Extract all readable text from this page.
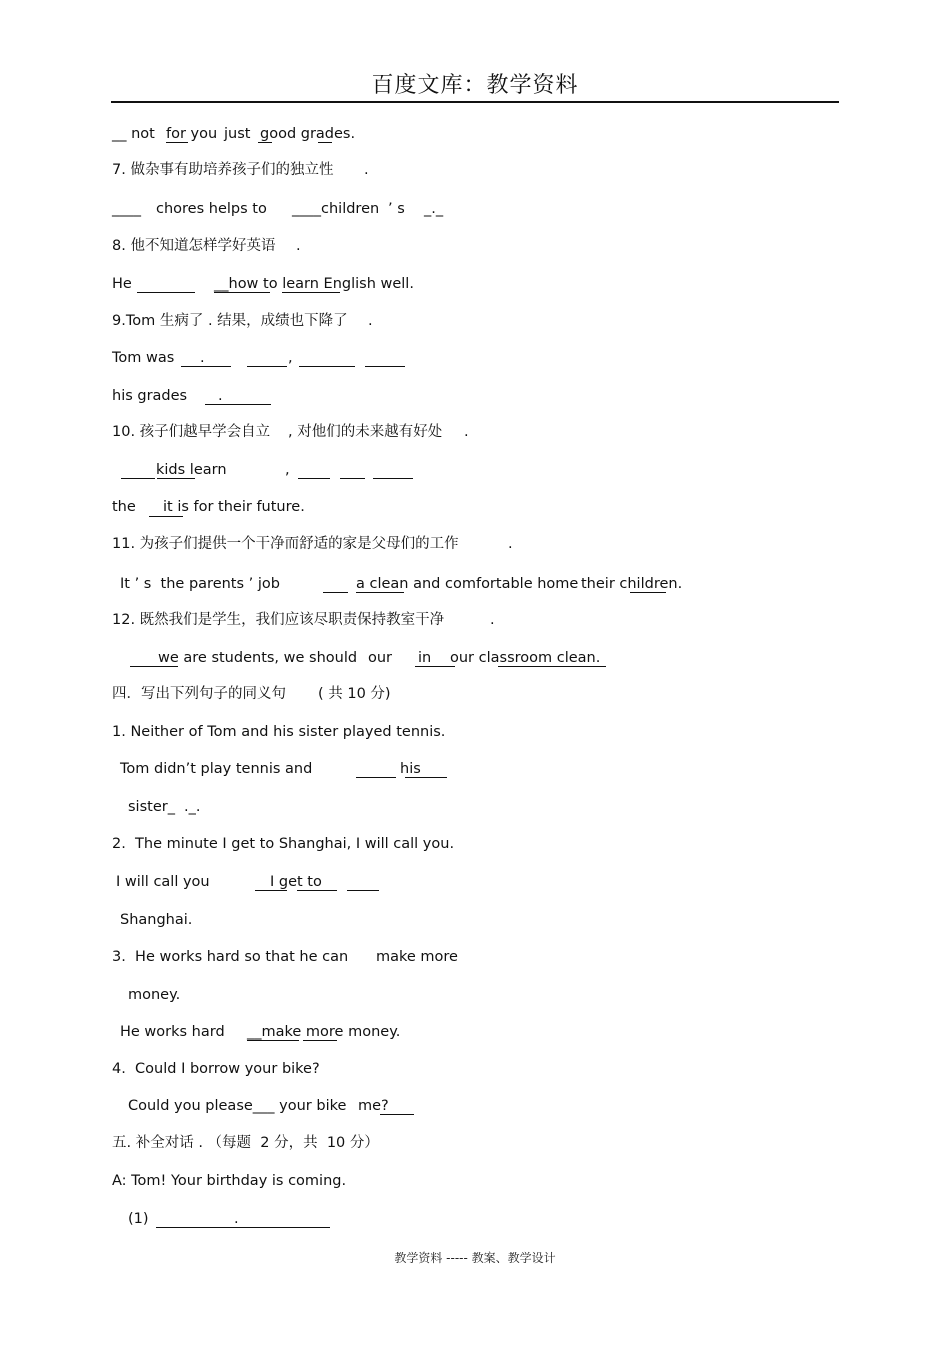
百度文库：教学资料
__ not for you just good grades.
7. 做杂事有助培养孩子们的独立性 .
____ chores helps to ____children ’ s _._
8. 他不知道怎样学好英语 .
He	__how to learn English well.
9.Tom 生病了 . 结果，成绩也下降了 .
Tom was .	,
his grades .
10. 孩子们越早学会自立 , 对他们的未来越有好处 .
kids learn	,
the it is for their future.
11. 为孩子们提供一个干净而舒适的家是父母们的工作	.
It ’ s  the parents ’ job	a clean and comfortable home their children.
12. 既然我们是学生，我们应该尽职责保持教室干净	.
we are students, we should our in our classroom clean.
四．写出下列句子的同义句 ( 共 10 分)
1. Neither of Tom and his sister played tennis.
Tom didn’t play tennis and	his
sister_ ._.
2.  The minute I get to Shanghai, I will call you.
I will call you	I get to
Shanghai.
3.  He works hard so that he can make more
money.
He works hard __make more money.
4.  Could I borrow your bike?
Could you please___ your bike me?
五. 补全对话 . （每题  2 分，共  10 分）
A: Tom! Your birthday is coming.
(1)	.
教学资料 ----- 教案、教学设计
